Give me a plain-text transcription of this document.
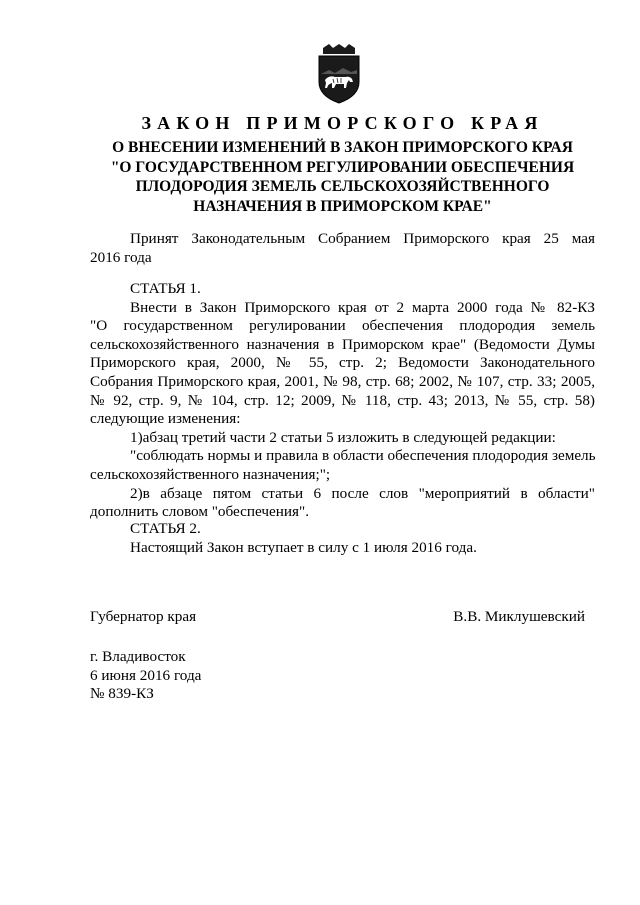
ЗАКОН ПРИМОРСКОГО КРАЯ
О ВНЕСЕНИИ ИЗМЕНЕНИЙ В ЗАКОН ПРИМОРСКОГО КРАЯ
"О ГОСУДАРСТВЕННОМ РЕГУЛИРОВАНИИ ОБЕСПЕЧЕНИЯ
ПЛОДОРОДИЯ ЗЕМЕЛЬ СЕЛЬСКОХОЗЯЙСТВЕННОГО
НАЗНАЧЕНИЯ В ПРИМОРСКОМ КРАЕ"
Принят Законодательным Собранием Приморского края 25 мая
2016 года
СТАТЬЯ 1.
Внести в Закон Приморского края от 2 марта 2000 года № 82-КЗ
"О государственном регулировании обеспечения плодородия земель
сельскохозяйственного назначения в Приморском крае" (Ведомости Думы
Приморского края, 2000, № 55, стр. 2; Ведомости Законодательного
Собрания Приморского края, 2001, № 98, стр. 68; 2002, № 107, стр. 33; 2005,
№ 92, стр. 9, № 104, стр. 12; 2009, № 118, стр. 43; 2013, № 55, стр. 58)
следующие изменения:
1)абзац третий части 2 статьи 5 изложить в следующей редакции:
"соблюдать нормы и правила в области обеспечения плодородия земель
сельскохозяйственного назначения;";
2)в абзаце пятом статьи 6 после слов "мероприятий в области"
дополнить словом "обеспечения".
СТАТЬЯ 2.
Настоящий Закон вступает в силу с 1 июля 2016 года.
Губернатор края	В.В. Миклушевский
г. Владивосток
6 июня 2016 года
№ 839-КЗ
